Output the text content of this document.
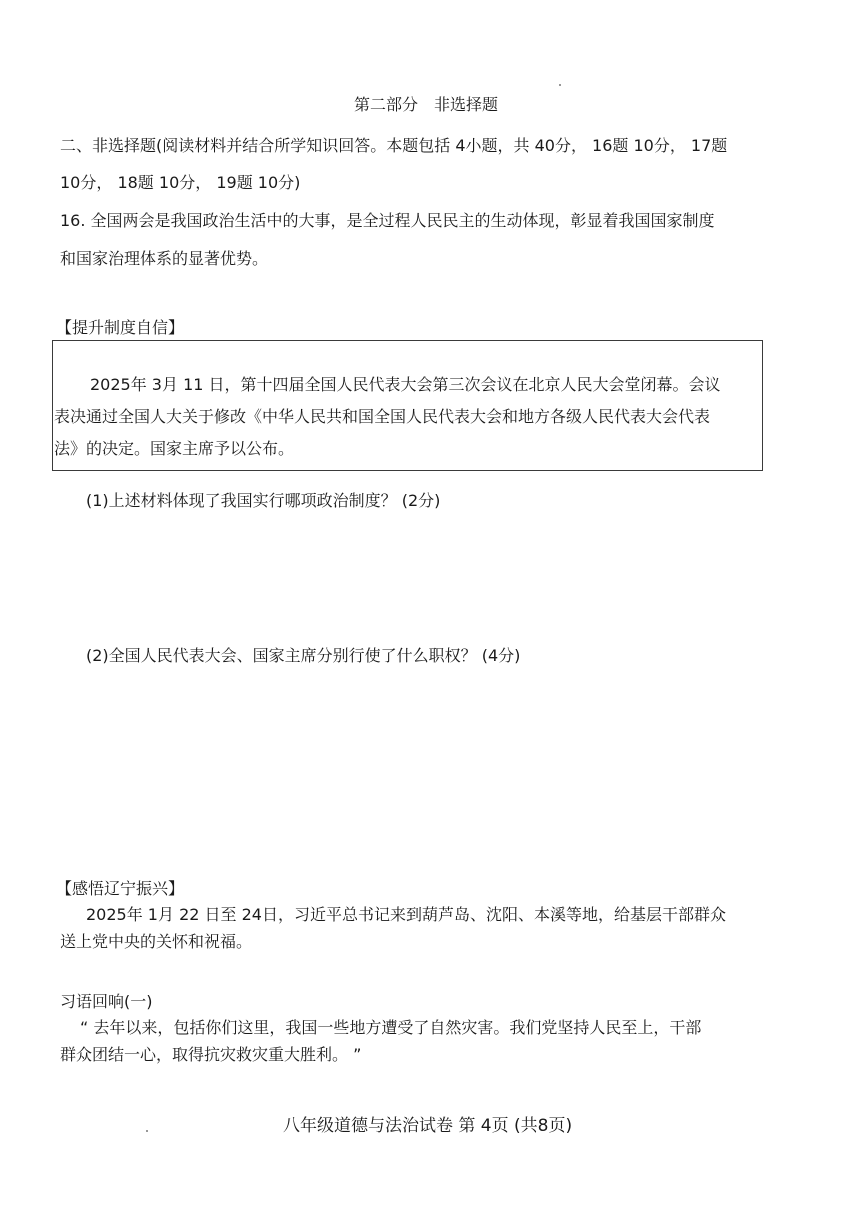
第二部分　非选择题
二、非选择题(阅读材料并结合所学知识回答。本题包括 4小题，共 40分， 16题 10分， 17题
10分， 18题 10分， 19题 10分)
16. 全国两会是我国政治生活中的大事，是全过程人民民主的生动体现，彰显着我国国家制度
和国家治理体系的显著优势。
【提升制度自信】
2025年 3月 11 日，第十四届全国人民代表大会第三次会议在北京人民大会堂闭幕。会议
表决通过全国人大关于修改《中华人民共和国全国人民代表大会和地方各级人民代表大会代表
法》的决定。国家主席予以公布。
(1)上述材料体现了我国实行哪项政治制度？ (2分)
(2)全国人民代表大会、国家主席分别行使了什么职权？ (4分)
【感悟辽宁振兴】
2025年 1月 22 日至 24日，习近平总书记来到葫芦岛、沈阳、本溪等地，给基层干部群众
送上党中央的关怀和祝福。
习语回响(一)
“ 去年以来，包括你们这里，我国一些地方遭受了自然灾害。我们党坚持人民至上，干部
群众团结一心，取得抗灾救灾重大胜利。 ”
八年级道德与法治试卷 第 4页 (共8页)
